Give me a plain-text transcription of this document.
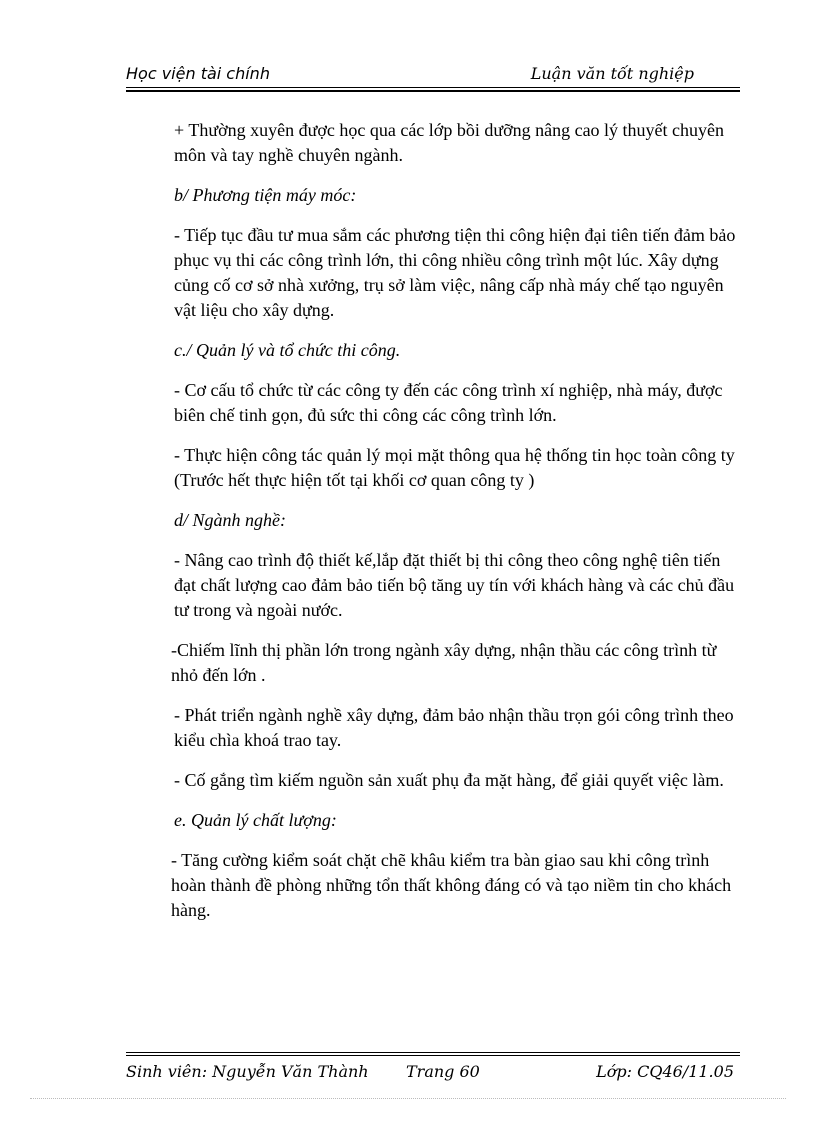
Học viện tài chính	Luận văn tốt nghiệp

+ Thường xuyên được học qua các lớp bồi dưỡng nâng cao lý thuyết chuyên môn và tay nghề chuyên ngành.

b/ Phương tiện máy móc:

- Tiếp tục đầu tư mua sắm các phương tiện thi công hiện đại tiên tiến đảm bảo phục vụ thi các công trình lớn, thi công nhiều công trình một lúc. Xây dựng củng cố cơ sở nhà xưởng, trụ sở làm việc, nâng cấp nhà máy chế tạo nguyên vật liệu cho xây dựng.

c./ Quản lý và tổ chức thi công.

- Cơ cấu tổ chức từ các công ty đến các công trình xí nghiệp, nhà máy, được biên chế tinh gọn, đủ sức thi công các công trình lớn.

- Thực hiện công tác quản lý mọi mặt thông qua hệ thống tin học toàn công ty (Trước hết thực hiện tốt tại khối cơ quan công ty )

d/ Ngành nghề:

- Nâng cao trình độ thiết kế,lắp đặt thiết bị thi công theo công nghệ tiên tiến đạt chất lượng cao đảm bảo tiến bộ tăng uy tín với khách hàng và các chủ đầu tư trong và ngoài nước.

-Chiếm lĩnh thị phần lớn trong ngành xây dựng, nhận thầu các công trình từ nhỏ đến lớn .

- Phát triển ngành nghề xây dựng, đảm bảo nhận thầu trọn gói công trình theo kiểu chìa khoá trao tay.

- Cố gắng tìm kiếm nguồn sản xuất phụ đa mặt hàng, để giải quyết việc làm.

e. Quản lý chất lượng:

- Tăng cường kiểm soát chặt chẽ khâu kiểm tra bàn giao sau khi công trình hoàn thành đề phòng những tổn thất không đáng có và tạo niềm tin cho khách hàng.

Sinh viên: Nguyễn Văn Thành Trang 60	Lớp: CQ46/11.05
